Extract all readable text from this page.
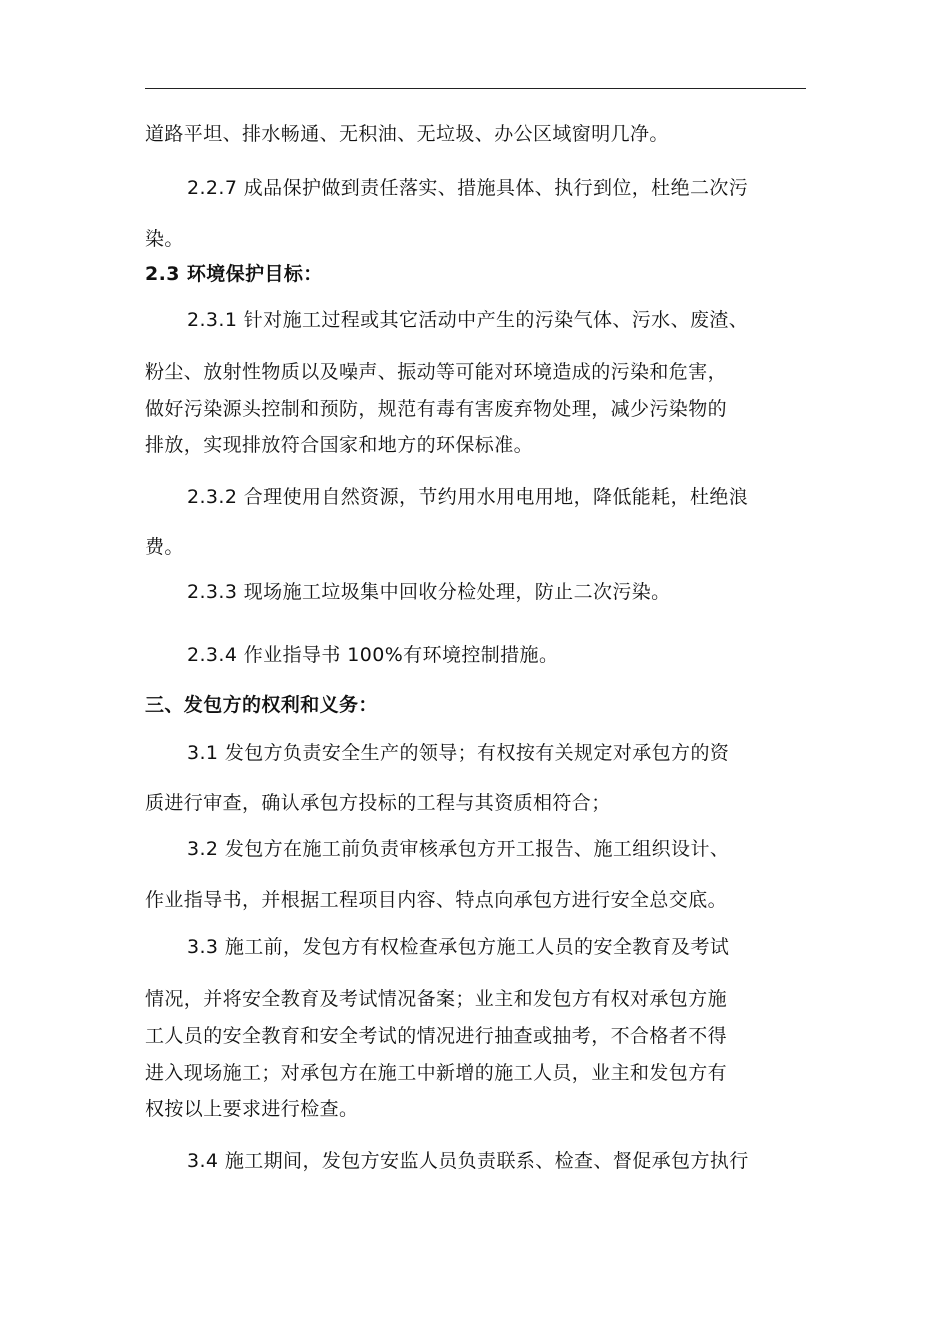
道路平坦、排水畅通、无积油、无垃圾、办公区域窗明几净。
2.2.7 成品保护做到责任落实、措施具体、执行到位，杜绝二次污
染。
2.3 环境保护目标：
2.3.1 针对施工过程或其它活动中产生的污染气体、污水、废渣、
粉尘、放射性物质以及噪声、振动等可能对环境造成的污染和危害，
做好污染源头控制和预防，规范有毒有害废弃物处理，减少污染物的
排放，实现排放符合国家和地方的环保标准。
2.3.2 合理使用自然资源，节约用水用电用地，降低能耗，杜绝浪
费。
2.3.3 现场施工垃圾集中回收分检处理，防止二次污染。
2.3.4 作业指导书 100%有环境控制措施。
三、发包方的权利和义务：
3.1 发包方负责安全生产的领导；有权按有关规定对承包方的资
质进行审查，确认承包方投标的工程与其资质相符合；
3.2 发包方在施工前负责审核承包方开工报告、施工组织设计、
作业指导书，并根据工程项目内容、特点向承包方进行安全总交底。
3.3 施工前，发包方有权检查承包方施工人员的安全教育及考试
情况，并将安全教育及考试情况备案；业主和发包方有权对承包方施
工人员的安全教育和安全考试的情况进行抽查或抽考，不合格者不得
进入现场施工；对承包方在施工中新增的施工人员，业主和发包方有
权按以上要求进行检查。
3.4 施工期间，发包方安监人员负责联系、检查、督促承包方执行
